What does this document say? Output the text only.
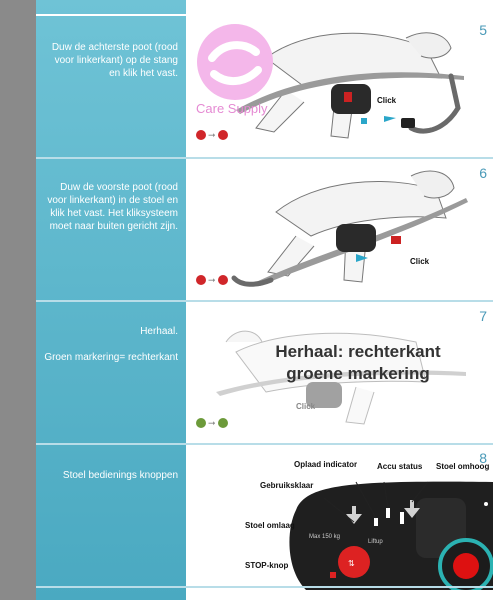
Duw de achterste poot (rood voor linkerkant) op de stang en klik het vast.
5
Click
Care Supply
➞
Duw de voorste poot (rood voor linkerkant) in de stoel en klik het vast. Het kliksysteem moet naar buiten gericht zijn.
6
Click
➞
Herhaal.
Groen markering= rechterkant
7
Herhaal: rechterkant
groene markering
Click
➞
Stoel bedienings knoppen
8
⇅
Max 150 kg
Liftup
Oplaad indicator Accu status Stoel omhoog
Gebruiksklaar
Stoel omlaag
STOP-knop
